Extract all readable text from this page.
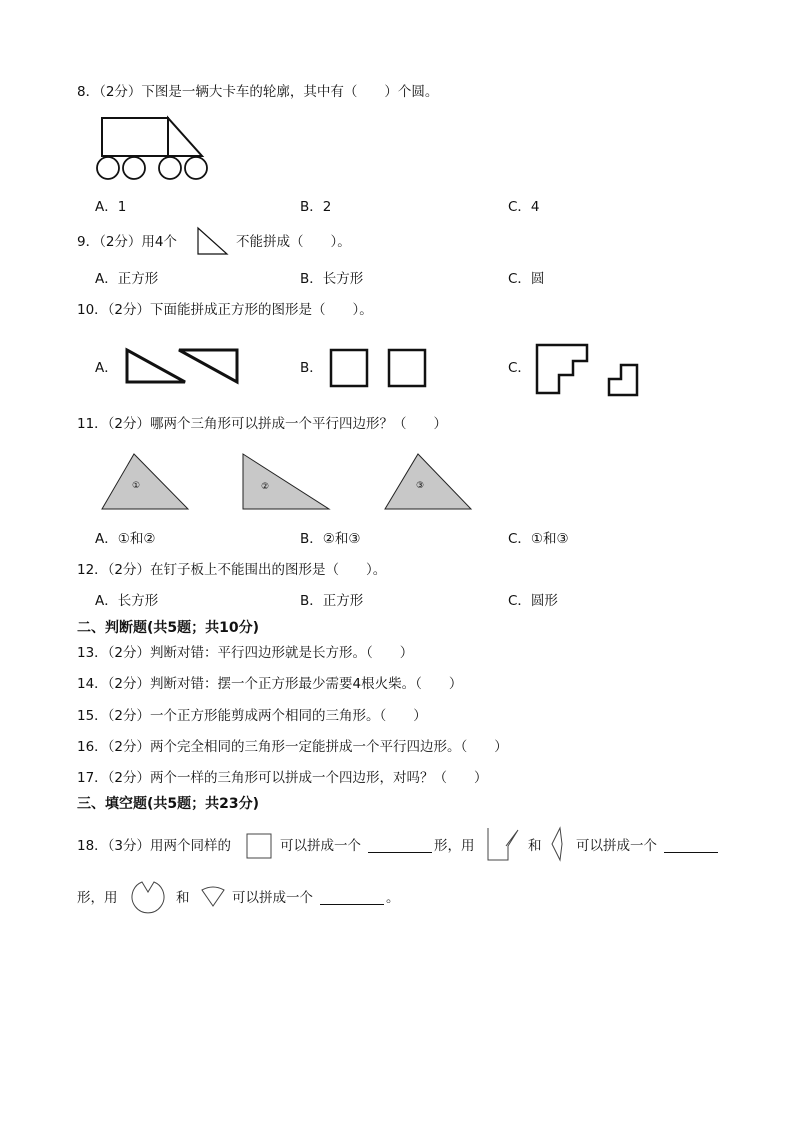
8．（2分）下图是一辆大卡车的轮廓，其中有（　　）个圆。
A．1	B．2	C．4
9．（2分）用4个	不能拼成（　　）。
A．正方形	B．长方形	C．圆
10．（2分）下面能拼成正方形的图形是（　　）。
A．	B．	C．
11．（2分）哪两个三角形可以拼成一个平行四边形？（　　）
①	②	③
A．①和②	B．②和③	C．①和③
12．（2分）在钉子板上不能围出的图形是（　　）。
A．长方形	B．正方形	C．圆形
二、判断题(共5题；共10分)
13．（2分）判断对错：平行四边形就是长方形。（　　）
14．（2分）判断对错：摆一个正方形最少需要4根火柴。（　　）
15．（2分）一个正方形能剪成两个相同的三角形。（　　）
16．（2分）两个完全相同的三角形一定能拼成一个平行四边形。（　　）
17．（2分）两个一样的三角形可以拼成一个四边形，对吗？（　　）
三、填空题(共5题；共23分)
18．（3分）用两个同样的	可以拼成一个	形，用	和	可以拼成一个
形，用	和	可以拼成一个	。
